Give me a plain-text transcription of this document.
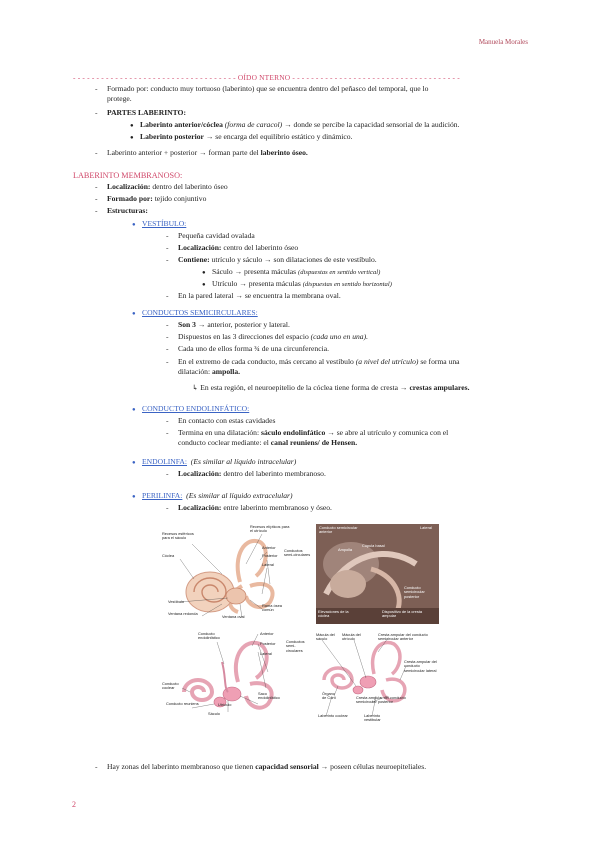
Manuela Morales
- - - - - - - - - - - - - - - - - - - - - - - - - - - - - - - - - - - OÍDO NTERNO - - - - - - - - - - - - - - - - - - - - - - - - - - - - - - - - - - - -
-	Formado por: conducto muy tortuoso (laberinto) que se encuentra dentro del peñasco del temporal, que lo
protege.
-	PARTES LABERINTO:
● Laberinto anterior/cóclea (forma de caracol) → donde se percibe la capacidad sensorial de la audición.
● Laberinto posterior → se encarga del equilibrio estático y dinámico.
-	Laberinto anterior + posterior → forman parte del laberinto óseo.
LABERINTO MEMBRANOSO:
-	Localización: dentro del laberinto óseo
-	Formado por: tejido conjuntivo
-	Estructuras:
● VESTÍBULO:
-	Pequeña cavidad ovalada
-	Localización: centro del laberinto óseo
-	Contiene: utrículo y sáculo → son dilataciones de este vestíbulo.
● Sáculo → presenta máculas (dispuestas en sentido vertical)
● Utrículo → presenta máculas (dispuestas en sentido horizontal)
-	En la pared lateral → se encuentra la membrana oval.
● CONDUCTOS SEMICIRCULARES:
-	Son 3 → anterior, posterior y lateral.
-	Dispuestos en las 3 direcciones del espacio (cada uno en una).
-	Cada uno de ellos forma ¾ de una circunferencia.
-	En el extremo de cada conducto, más cercano al vestíbulo (a nivel del utrículo) se forma una
dilatación: ampolla.
↳ En esta región, el neuroepitelio de la cóclea tiene forma de cresta → crestas ampulares.
● CONDUCTO ENDOLINFÁTICO:
-	En contacto con estas cavidades
-	Termina en una dilatación: sáculo endolinfático → se abre al utrículo y comunica con el
conducto coclear mediante: el canal reuniens/ de Hensen.
● ENDOLINFA: (Es similar al líquido intracelular)
-	Localización: dentro del laberinto membranoso.
● PERILINFA: (Es similar al líquido extracelular)
-	Localización: entre laberinto membranoso y óseo.
Recesos esféricos para el sáculo
Cóclea
Recesos elípticos para el utrículo
Anterior
Posterior
Lateral
Conductos semi-circulares
Vestíbulo
Ventana redonda
Ventana oval
Rama ósea común
Conducto semicircular anterior
Lateral
Cúpula basal
Ampolla
Conducto semicircular posterior
Elevaciones de la cóclea
Dispositivo de la cresta ampular
Conducto endolinfático
Anterior
Posterior
Lateral
Conductos semi-circulares
Conducto coclear
Conducto reuniens	Utrículo
Sáculo
Saco endolinfático
Mácula del sáculo
Mácula del utrículo
Cresta ampular del conducto semicircular anterior
Cresta ampular del conducto semicircular lateral
Órgano de Corti	Cresta ampular del conducto semicircular posterior
Laberinto coclear	Laberinto vestibular
-	Hay zonas del laberinto membranoso que tienen capacidad sensorial → poseen células neuroepiteliales.
2
